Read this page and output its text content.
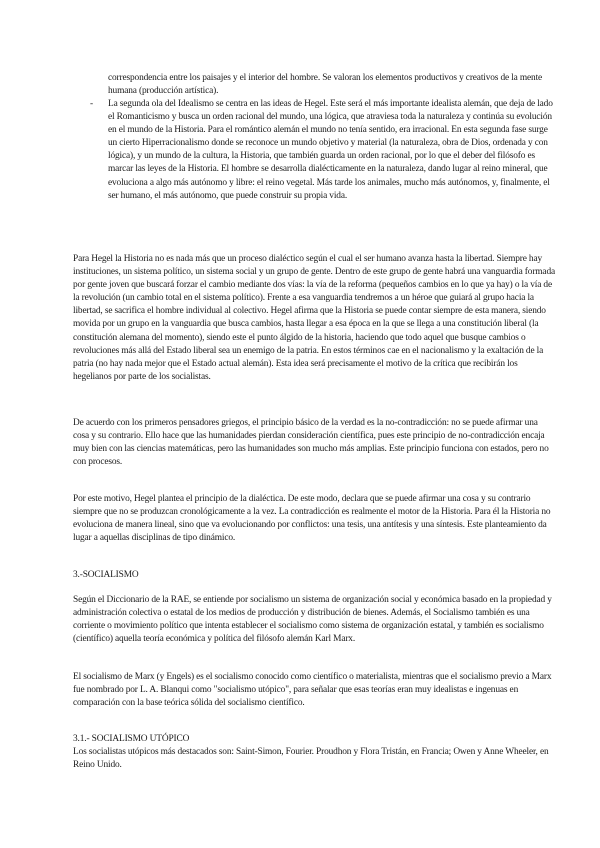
correspondencia entre los paisajes y el interior del hombre. Se valoran los elementos productivos y creativos de la mente humana (producción artística).

-	La segunda ola del Idealismo se centra en las ideas de Hegel. Este será el más importante idealista alemán, que deja de lado el Romanticismo y busca un orden racional del mundo, una lógica, que atraviesa toda la naturaleza y continúa su evolución en el mundo de la Historia. Para el romántico alemán el mundo no tenía sentido, era irracional. En esta segunda fase surge un cierto Hiperracionalismo donde se reconoce un mundo objetivo y material (la naturaleza, obra de Dios, ordenada y con lógica), y un mundo de la cultura, la Historia, que también guarda un orden racional, por lo que el deber del filósofo es marcar las leyes de la Historia. El hombre se desarrolla dialécticamente en la naturaleza, dando lugar al reino mineral, que evoluciona a algo más autónomo y libre: el reino vegetal. Más tarde los animales, mucho más autónomos, y, finalmente, el ser humano, el más autónomo, que puede construir su propia vida.

Para Hegel la Historia no es nada más que un proceso dialéctico según el cual el ser humano avanza hasta la libertad. Siempre hay instituciones, un sistema político, un sistema social y un grupo de gente. Dentro de este grupo de gente habrá una vanguardia formada por gente joven que buscará forzar el cambio mediante dos vías: la vía de la reforma (pequeños cambios en lo que ya hay) o la vía de la revolución (un cambio total en el sistema político). Frente a esa vanguardia tendremos a un héroe que guiará al grupo hacia la libertad, se sacrifica el hombre individual al colectivo. Hegel afirma que la Historia se puede contar siempre de esta manera, siendo movida por un grupo en la vanguardia que busca cambios, hasta llegar a esa época en la que se llega a una constitución liberal (la constitución alemana del momento), siendo este el punto álgido de la historia, haciendo que todo aquel que busque cambios o revoluciones más allá del Estado liberal sea un enemigo de la patria. En estos términos cae en el nacionalismo y la exaltación de la patria (no hay nada mejor que el Estado actual alemán). Esta idea será precisamente el motivo de la crítica que recibirán los hegelianos por parte de los socialistas.

De acuerdo con los primeros pensadores griegos, el principio básico de la verdad es la no-contradicción: no se puede afirmar una cosa y su contrario. Ello hace que las humanidades pierdan consideración científica, pues este principio de no-contradicción encaja muy bien con las ciencias matemáticas, pero las humanidades son mucho más amplias. Este principio funciona con estados, pero no con procesos.

Por este motivo, Hegel plantea el principio de la dialéctica. De este modo, declara que se puede afirmar una cosa y su contrario siempre que no se produzcan cronológicamente a la vez. La contradicción es realmente el motor de la Historia. Para él la Historia no evoluciona de manera lineal, sino que va evolucionando por conflictos: una tesis, una antítesis y una síntesis. Este planteamiento da lugar a aquellas disciplinas de tipo dinámico.

3.-SOCIALISMO

Según el Diccionario de la RAE, se entiende por socialismo un sistema de organización social y económica basado en la propiedad y administración colectiva o estatal de los medios de producción y distribución de bienes. Además, el Socialismo también es una corriente o movimiento político que intenta establecer el socialismo como sistema de organización estatal, y también es socialismo (científico) aquella teoría económica y política del filósofo alemán Karl Marx.

El socialismo de Marx (y Engels) es el socialismo conocido como científico o materialista, mientras que el socialismo previo a Marx fue nombrado por L. A. Blanqui como "socialismo utópico", para señalar que esas teorías eran muy idealistas e ingenuas en comparación con la base teórica sólida del socialismo científico.

3.1.- SOCIALISMO UTÓPICO

Los socialistas utópicos más destacados son: Saint-Simon, Fourier. Proudhon y Flora Tristán, en Francia; Owen y Anne Wheeler, en Reino Unido.
